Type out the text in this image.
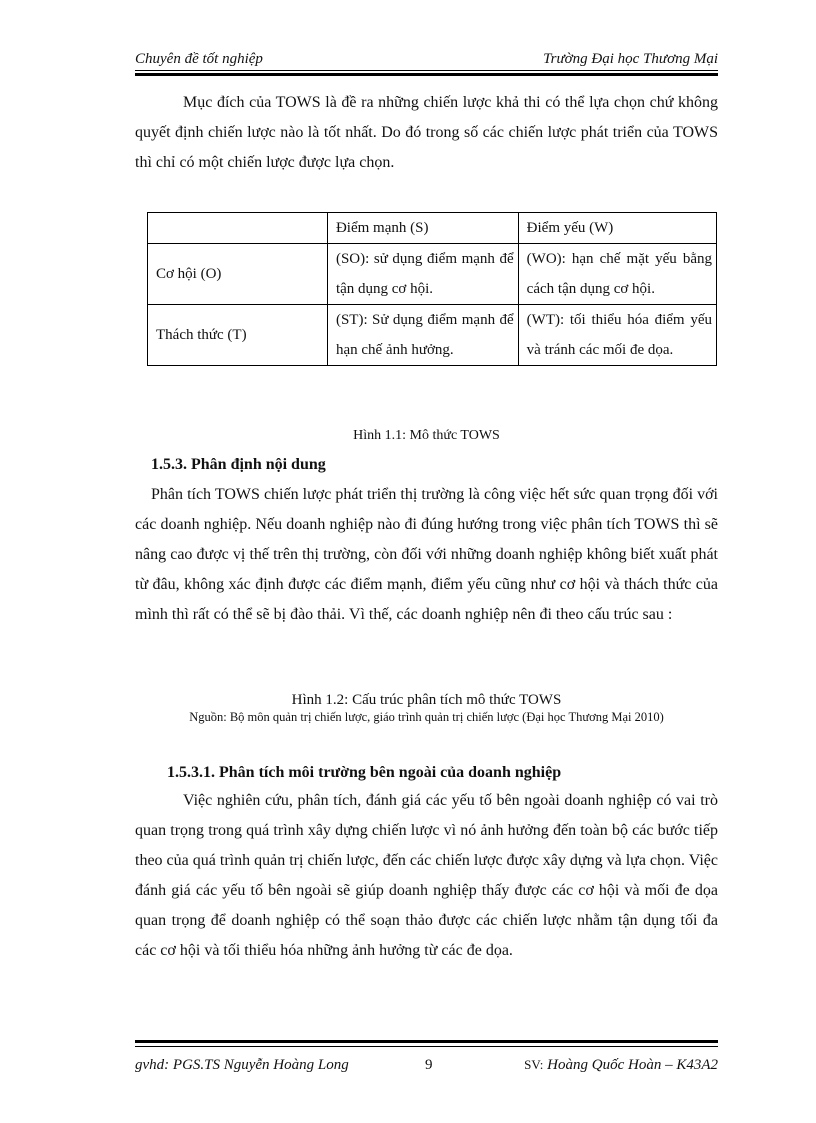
Chuyên đề tốt nghiệp	Trường Đại học Thương Mại

Mục đích của TOWS là đề ra những chiến lược khả thi có thể lựa chọn chứ không quyết định chiến lược nào là tốt nhất. Do đó trong số các chiến lược phát triển của TOWS thì chỉ có một chiến lược được lựa chọn.

	Điểm mạnh (S)	Điểm yếu (W)
Cơ hội (O)	(SO): sử dụng điểm mạnh để tận dụng cơ hội.	(WO): hạn chế mặt yếu bằng cách tận dụng cơ hội.
Thách thức (T)	(ST): Sử dụng điểm mạnh để hạn chế ảnh hưởng.	(WT): tối thiểu hóa điểm yếu và tránh các mối đe dọa.
Hình 1.1: Mô thức TOWS
1.5.3. Phân định nội dung

Phân tích TOWS chiến lược phát triển thị trường là công việc hết sức quan trọng đối với các doanh nghiệp. Nếu doanh nghiệp nào đi đúng hướng trong việc phân tích TOWS thì sẽ nâng cao được vị thế trên thị trường, còn đối với những doanh nghiệp không biết xuất phát từ đâu, không xác định được các điểm mạnh, điểm yếu cũng như cơ hội và thách thức của mình thì rất có thể sẽ bị đào thải. Vì thế, các doanh nghiệp nên đi theo cấu trúc sau :

Hình 1.2: Cấu trúc phân tích mô thức TOWS
Nguồn: Bộ môn quản trị chiến lược, giáo trình quản trị chiến lược (Đại học Thương Mại 2010)
1.5.3.1. Phân tích môi trường bên ngoài của doanh nghiệp

Việc nghiên cứu, phân tích, đánh giá các yếu tố bên ngoài doanh nghiệp có vai trò quan trọng trong quá trình xây dựng chiến lược vì nó ảnh hưởng đến toàn bộ các bước tiếp theo của quá trình quản trị chiến lược, đến các chiến lược được xây dựng và lựa chọn. Việc đánh giá các yếu tố bên ngoài sẽ giúp doanh nghiệp thấy được các cơ hội và mối đe dọa quan trọng để doanh nghiệp có thể soạn thảo được các chiến lược nhằm tận dụng tối đa các cơ hội và tối thiểu hóa những ảnh hưởng từ các đe dọa.

gvhd: PGS.TS Nguyễn Hoàng Long	9	SV: Hoàng Quốc Hoàn – K43A2
